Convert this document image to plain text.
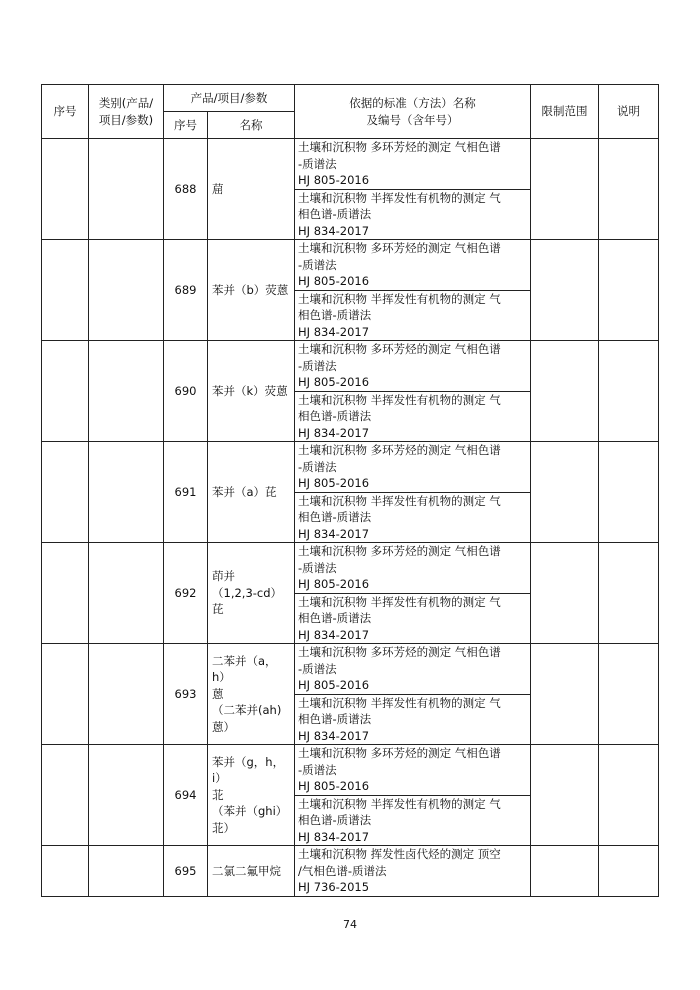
序号	类别(产品/
项目/参数)	产品/项目/参数		依据的标准（方法）名称
及编号（含年号）	限制范围	说明
		序号	名称			
		688	䓛	土壤和沉积物 多环芳烃的测定 气相色谱
-质谱法
HJ 805-2016		
				土壤和沉积物 半挥发性有机物的测定 气
相色谱-质谱法
HJ 834-2017		
		689	苯并（b）荧蒽	土壤和沉积物 多环芳烃的测定 气相色谱
-质谱法
HJ 805-2016		
				土壤和沉积物 半挥发性有机物的测定 气
相色谱-质谱法
HJ 834-2017		
		690	苯并（k）荧蒽	土壤和沉积物 多环芳烃的测定 气相色谱
-质谱法
HJ 805-2016		
				土壤和沉积物 半挥发性有机物的测定 气
相色谱-质谱法
HJ 834-2017		
		691	苯并（a）芘	土壤和沉积物 多环芳烃的测定 气相色谱
-质谱法
HJ 805-2016		
				土壤和沉积物 半挥发性有机物的测定 气
相色谱-质谱法
HJ 834-2017		
		692	茚并
（1,2,3-cd）
芘	土壤和沉积物 多环芳烃的测定 气相色谱
-质谱法
HJ 805-2016		
				土壤和沉积物 半挥发性有机物的测定 气
相色谱-质谱法
HJ 834-2017		
		693	二苯并（a，h）
蒽
（二苯并(ah)
蒽）	土壤和沉积物 多环芳烃的测定 气相色谱
-质谱法
HJ 805-2016		
				土壤和沉积物 半挥发性有机物的测定 气
相色谱-质谱法
HJ 834-2017		
		694	苯并（g，h，i）
苝
（苯并（ghi）
苝）	土壤和沉积物 多环芳烃的测定 气相色谱
-质谱法
HJ 805-2016		
				土壤和沉积物 半挥发性有机物的测定 气
相色谱-质谱法
HJ 834-2017		
		695	二氯二氟甲烷	土壤和沉积物 挥发性卤代烃的测定 顶空
/气相色谱-质谱法
HJ 736-2015		
74
